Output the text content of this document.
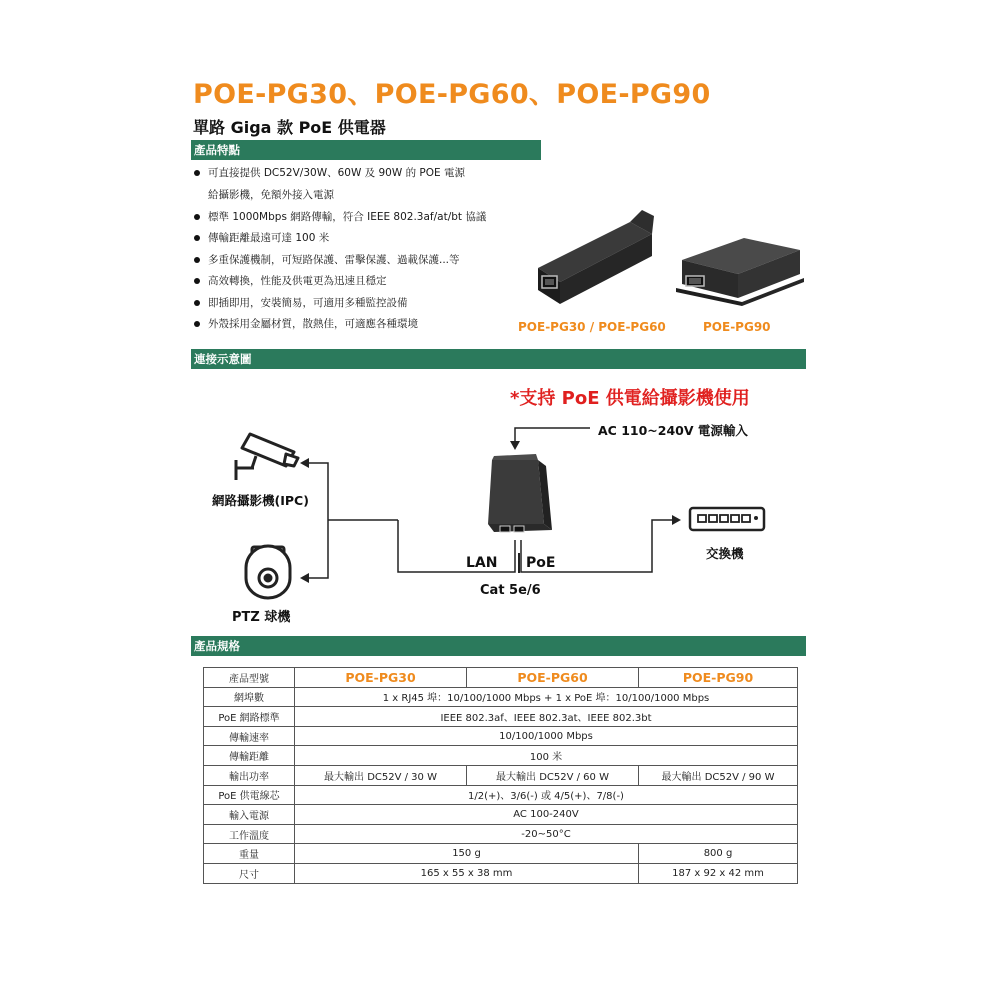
POE-PG30、POE-PG60、POE-PG90
單路 Giga 款 PoE 供電器
產品特點
可直接提供 DC52V/30W、60W 及 90W 的 POE 電源
給攝影機，免額外接入電源
標準 1000Mbps 網路傳輸，符合 IEEE 802.3af/at/bt 協議
傳輸距離最遠可達 100 米
多重保護機制，可短路保護、雷擊保護、過載保護...等
高效轉換，性能及供電更為迅速且穩定
即插即用，安裝簡易，可適用多種監控設備
外殼採用金屬材質，散熱佳，可適應各種環境	POE-PG30 / POE-PG60	POE-PG90
連接示意圖
*支持 PoE 供電給攝影機使用
AC 110~240V 電源輸入
網路攝影機(IPC)
PTZ 球機
LAN PoE
Cat 5e/6
交換機
產品規格
產品型號	POE-PG30	POE-PG60	POE-PG90
網埠數	1 x RJ45 埠：10/100/1000 Mbps + 1 x PoE 埠：10/100/1000 Mbps		
PoE 網路標準	IEEE 802.3af、IEEE 802.3at、IEEE 802.3bt		
傳輸速率	10/100/1000 Mbps		
傳輸距離	100 米		
輸出功率	最大輸出 DC52V / 30 W	最大輸出 DC52V / 60 W	最大輸出 DC52V / 90 W
PoE 供電線芯	1/2(+)、3/6(-) 或 4/5(+)、7/8(-)		
輸入電源	AC 100-240V		
工作溫度	-20~50°C		
重量	150 g		800 g
尺寸	165 x 55 x 38 mm		187 x 92 x 42 mm
